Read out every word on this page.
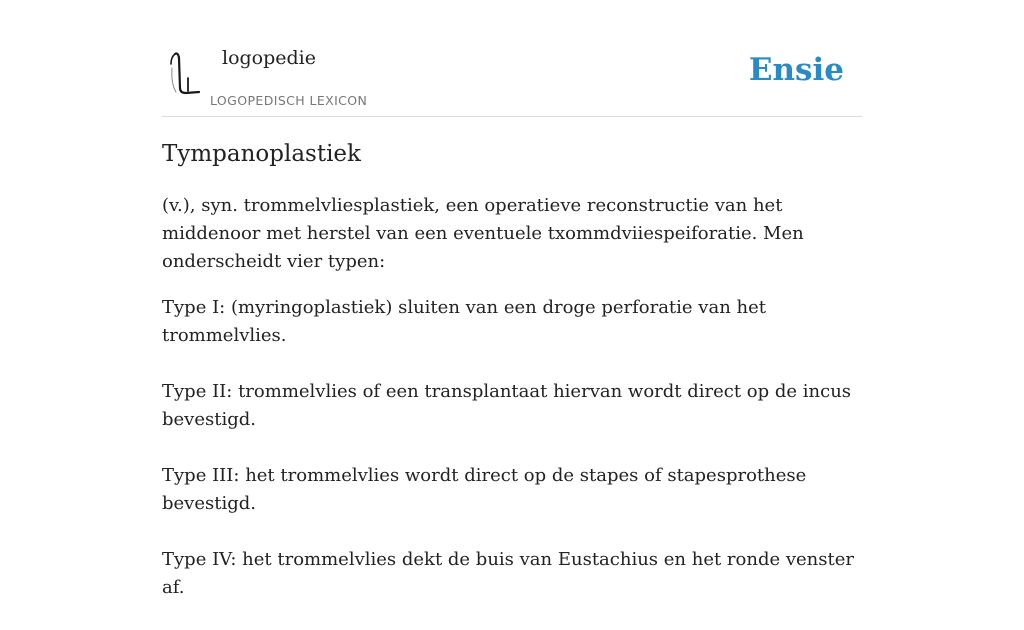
logopedie
LOGOPEDISCH LEXICON
Ensie
Tympanoplastiek

(v.), syn. trommelvliesplastiek, een operatieve reconstructie van het middenoor met herstel van een eventuele txommdviiespeiforatie. Men onderscheidt vier typen:

Type I: (myringoplastiek) sluiten van een droge perforatie van het trommelvlies.

Type II: trommelvlies of een transplantaat hiervan wordt direct op de incus bevestigd.

Type III: het trommelvlies wordt direct op de stapes of stapesprothese bevestigd.

Type IV: het trommelvlies dekt de buis van Eustachius en het ronde venster af.
